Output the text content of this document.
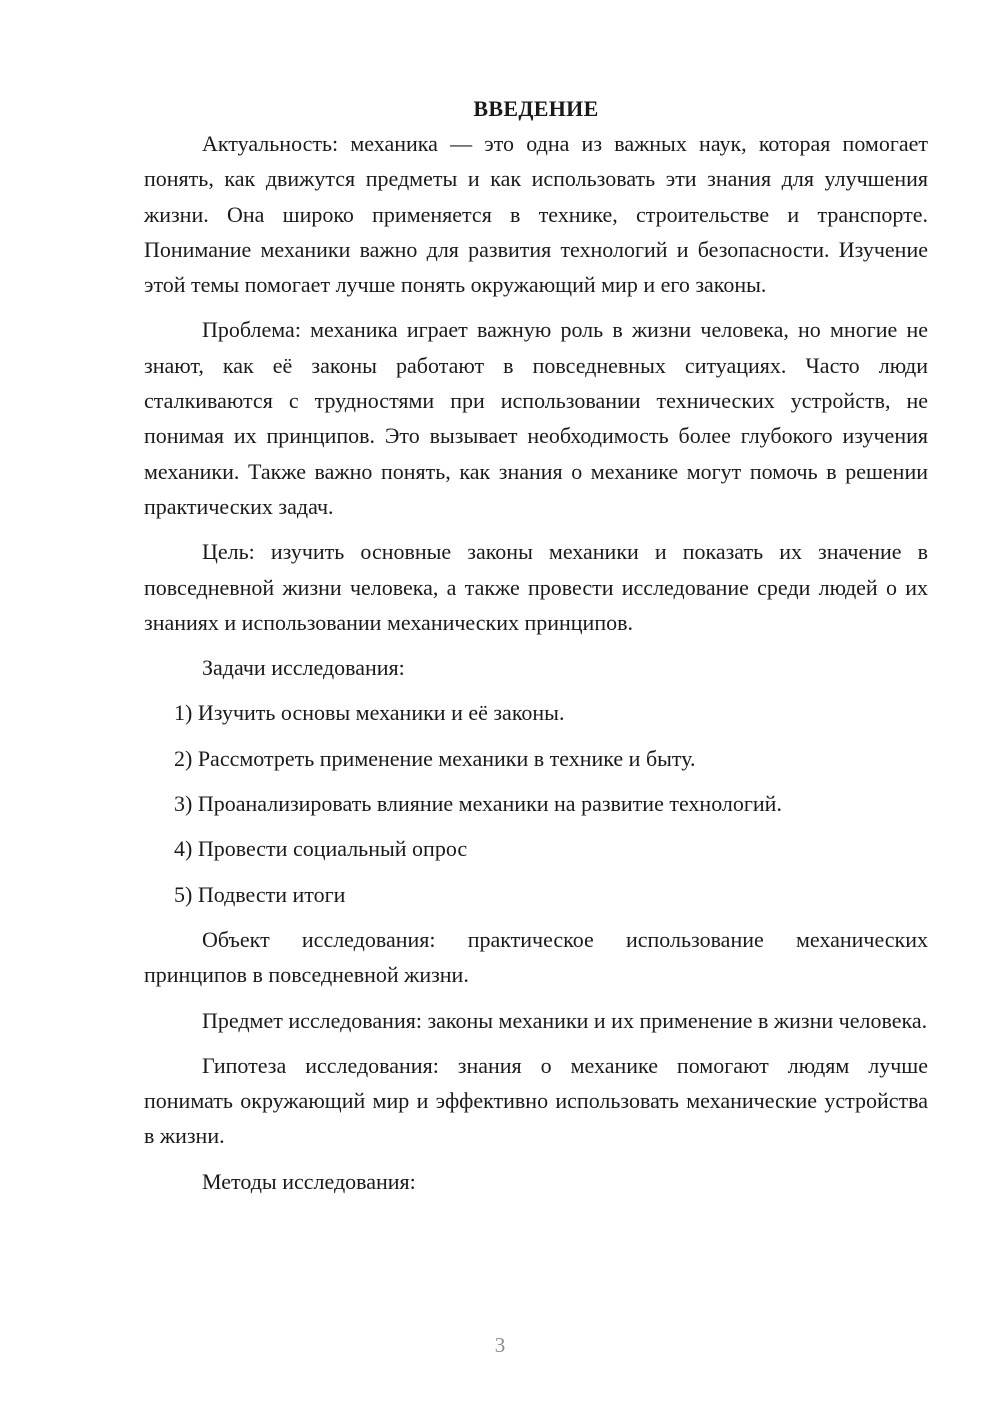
ВВЕДЕНИЕ

Актуальность: механика — это одна из важных наук, которая помогает понять, как движутся предметы и как использовать эти знания для улучшения жизни. Она широко применяется в технике, строительстве и транспорте. Понимание механики важно для развития технологий и безопасности. Изучение этой темы помогает лучше понять окружающий мир и его законы.

Проблема: механика играет важную роль в жизни человека, но многие не знают, как её законы работают в повседневных ситуациях. Часто люди сталкиваются с трудностями при использовании технических устройств, не понимая их принципов. Это вызывает необходимость более глубокого изучения механики. Также важно понять, как знания о механике могут помочь в решении практических задач.

Цель: изучить основные законы механики и показать их значение в повседневной жизни человека, а также провести исследование среди людей о их знаниях и использовании механических принципов.

Задачи исследования:

1) Изучить основы механики и её законы.
2) Рассмотреть применение механики в технике и быту.
3) Проанализировать влияние механики на развитие технологий.
4) Провести социальный опрос
5) Подвести итоги

Объект исследования: практическое использование механических принципов в повседневной жизни.

Предмет исследования: законы механики и их применение в жизни человека.

Гипотеза исследования: знания о механике помогают людям лучше понимать окружающий мир и эффективно использовать механические устройства в жизни.

Методы исследования:

3
